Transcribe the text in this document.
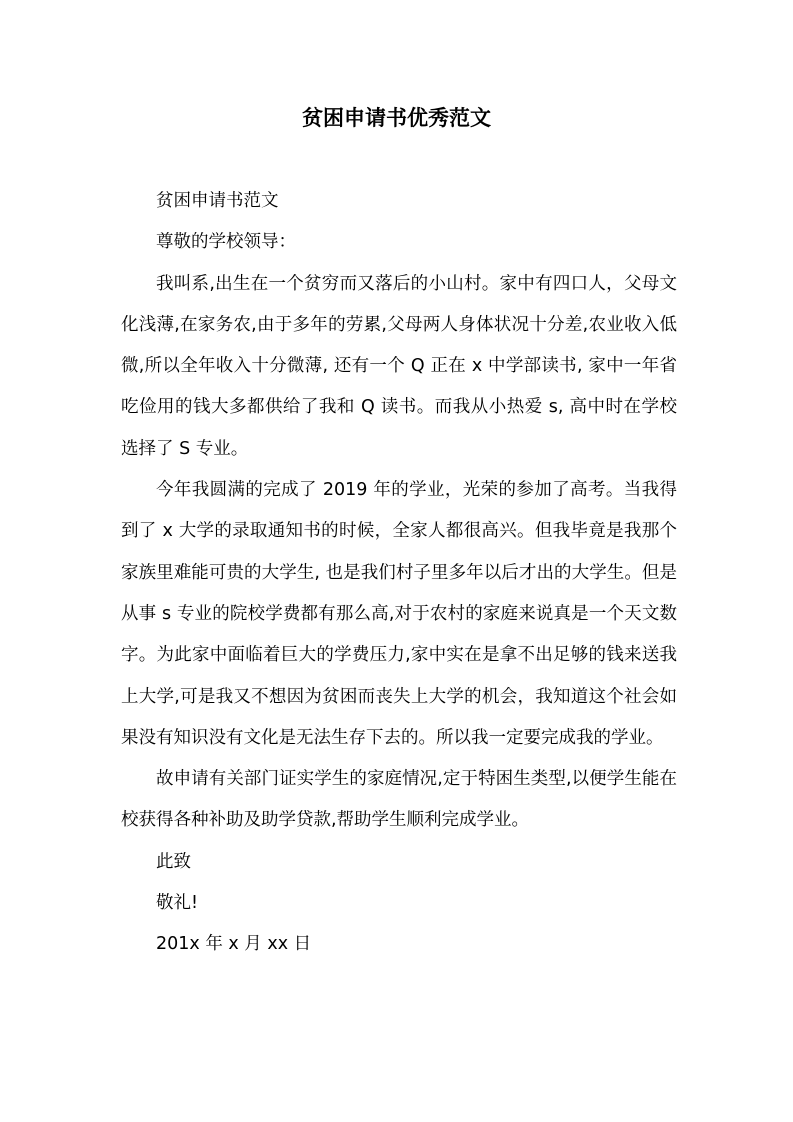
贫困申请书优秀范文

贫困申请书范文

尊敬的学校领导：

我叫系,出生在一个贫穷而又落后的小山村。家中有四口人，父母文化浅薄,在家务农,由于多年的劳累,父母两人身体状况十分差,农业收入低微,所以全年收入十分微薄, 还有一个 Q 正在 x 中学部读书, 家中一年省吃俭用的钱大多都供给了我和 Q 读书。而我从小热爱 s, 高中时在学校选择了 S 专业。

今年我圆满的完成了 2019 年的学业，光荣的参加了高考。当我得到了 x 大学的录取通知书的时候，全家人都很高兴。但我毕竟是我那个家族里难能可贵的大学生, 也是我们村子里多年以后才出的大学生。但是从事 s 专业的院校学费都有那么高,对于农村的家庭来说真是一个天文数字。为此家中面临着巨大的学费压力,家中实在是拿不出足够的钱来送我上大学,可是我又不想因为贫困而丧失上大学的机会，我知道这个社会如果没有知识没有文化是无法生存下去的。所以我一定要完成我的学业。

故申请有关部门证实学生的家庭情况,定于特困生类型,以便学生能在校获得各种补助及助学贷款,帮助学生顺利完成学业。

此致

敬礼!

201x 年 x 月 xx 日
